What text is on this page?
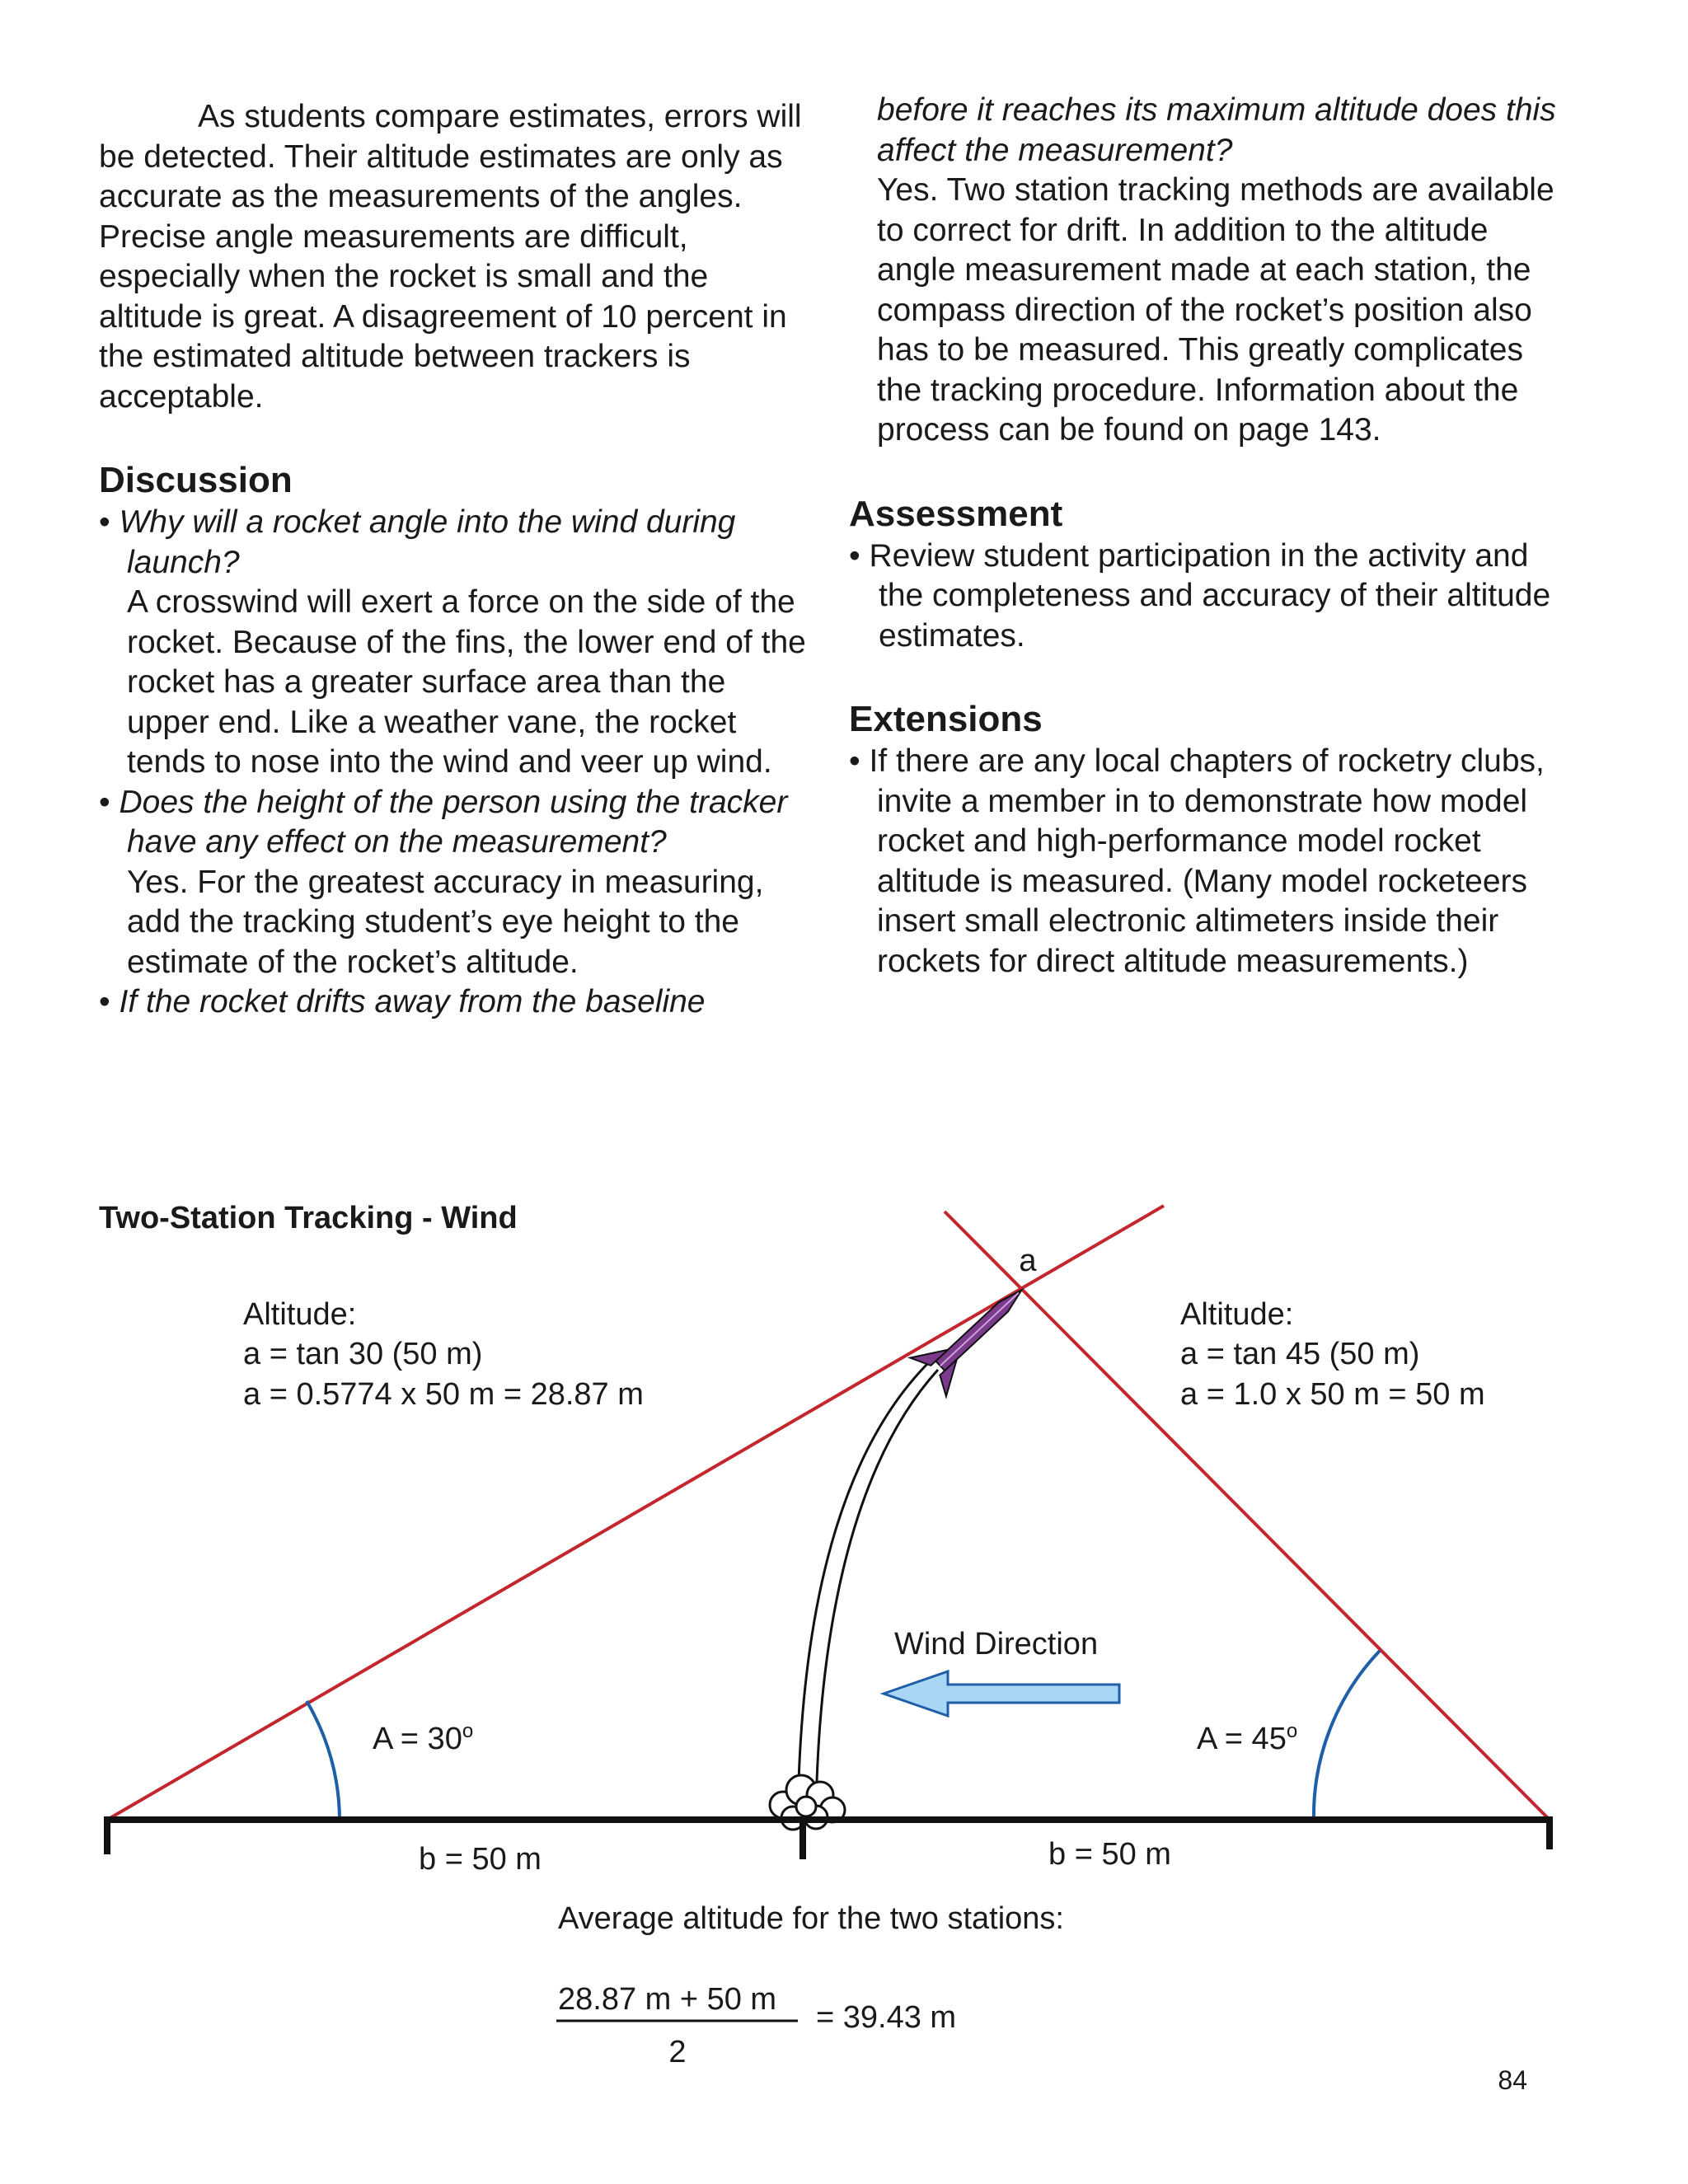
As students compare estimates, errors will be detected. Their altitude estimates are only as accurate as the measurements of the angles. Precise angle measurements are difficult, especially when the rocket is small and the altitude is great. A disagreement of 10 percent in the estimated altitude between trackers is acceptable.

Discussion

• Why will a rocket angle into the wind during launch?

A crosswind will exert a force on the side of the rocket. Because of the fins, the lower end of the rocket has a greater surface area than the upper end. Like a weather vane, the rocket tends to nose into the wind and veer up wind.

• Does the height of the person using the tracker have any effect on the measurement?

Yes. For the greatest accuracy in measuring, add the tracking student’s eye height to the estimate of the rocket’s altitude.

• If the rocket drifts away from the baseline

before it reaches its maximum altitude does this affect the measurement?

Yes. Two station tracking methods are available to correct for drift. In addition to the altitude angle measurement made at each station, the compass direction of the rocket’s position also has to be measured. This greatly complicates the tracking procedure. Information about the process can be found on page 143.

Assessment

• Review student participation in the activity and the completeness and accuracy of their altitude estimates.

Extensions

• If there are any local chapters of rocketry clubs, invite a member in to demonstrate how model rocket and high-performance model rocket altitude is measured. (Many model rocketeers insert small electronic altimeters inside their rockets for direct altitude measurements.)

Two-Station Tracking - Wind
a
Altitude:
a = tan 30 (50 m)
a = 0.5774 x 50 m = 28.87 m
Altitude:
a = tan 45 (50 m)
a = 1.0 x 50 m = 50 m
Wind Direction
$A = 30^o$	$A = 45^o$
b = 50 m	b = 50 m
Average altitude for the two stations:
28.87 m + 50 m
2
= 39.43 m
84
